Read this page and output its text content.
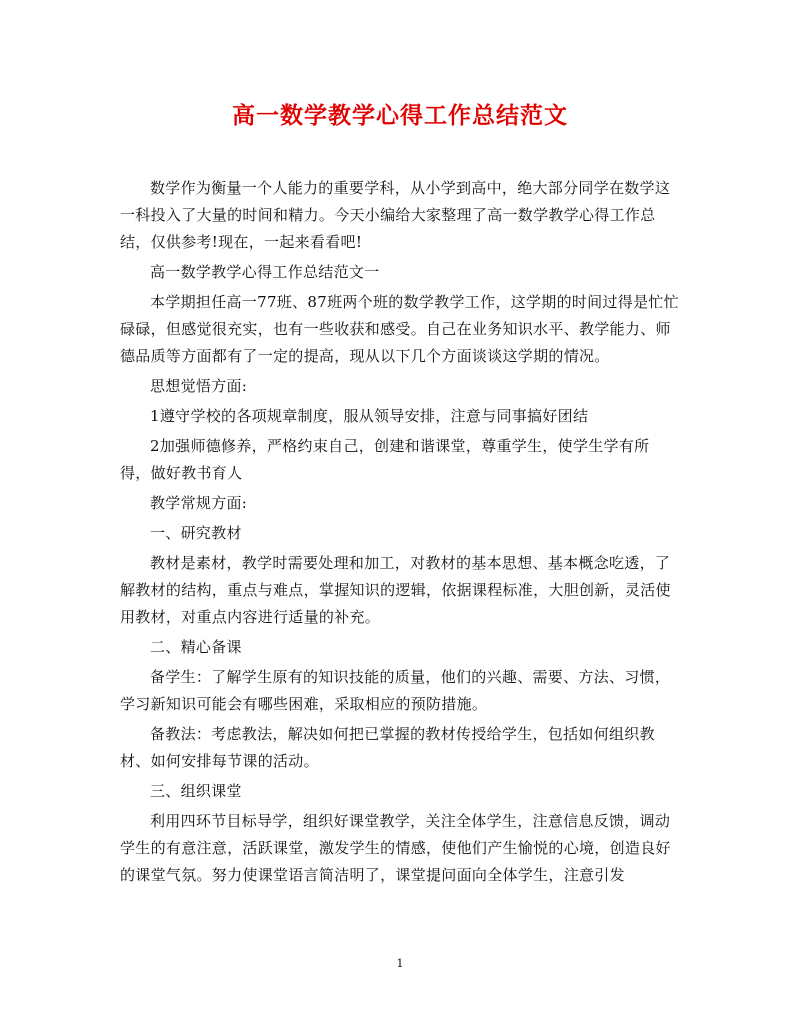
高一数学教学心得工作总结范文

数学作为衡量一个人能力的重要学科，从小学到高中，绝大部分同学在数学这一科投入了大量的时间和精力。今天小编给大家整理了高一数学教学心得工作总结，仅供参考!现在，一起来看看吧!

高一数学教学心得工作总结范文一

本学期担任高一77班、87班两个班的数学教学工作，这学期的时间过得是忙忙碌碌，但感觉很充实，也有一些收获和感受。自己在业务知识水平、教学能力、师德品质等方面都有了一定的提高，现从以下几个方面谈谈这学期的情况。

思想觉悟方面:

1遵守学校的各项规章制度，服从领导安排，注意与同事搞好团结

2加强师德修养，严格约束自己，创建和谐课堂，尊重学生，使学生学有所得，做好教书育人

教学常规方面:

一、研究教材

教材是素材，教学时需要处理和加工，对教材的基本思想、基本概念吃透，了解教材的结构，重点与难点，掌握知识的逻辑，依据课程标准，大胆创新，灵活使用教材，对重点内容进行适量的补充。

二、精心备课

备学生：了解学生原有的知识技能的质量，他们的兴趣、需要、方法、习惯，学习新知识可能会有哪些困难，采取相应的预防措施。

备教法：考虑教法，解决如何把已掌握的教材传授给学生，包括如何组织教材、如何安排每节课的活动。

三、组织课堂

利用四环节目标导学，组织好课堂教学，关注全体学生，注意信息反馈，调动学生的有意注意，活跃课堂，激发学生的情感，使他们产生愉悦的心境，创造良好的课堂气氛。努力使课堂语言简洁明了，课堂提问面向全体学生，注意引发

1
